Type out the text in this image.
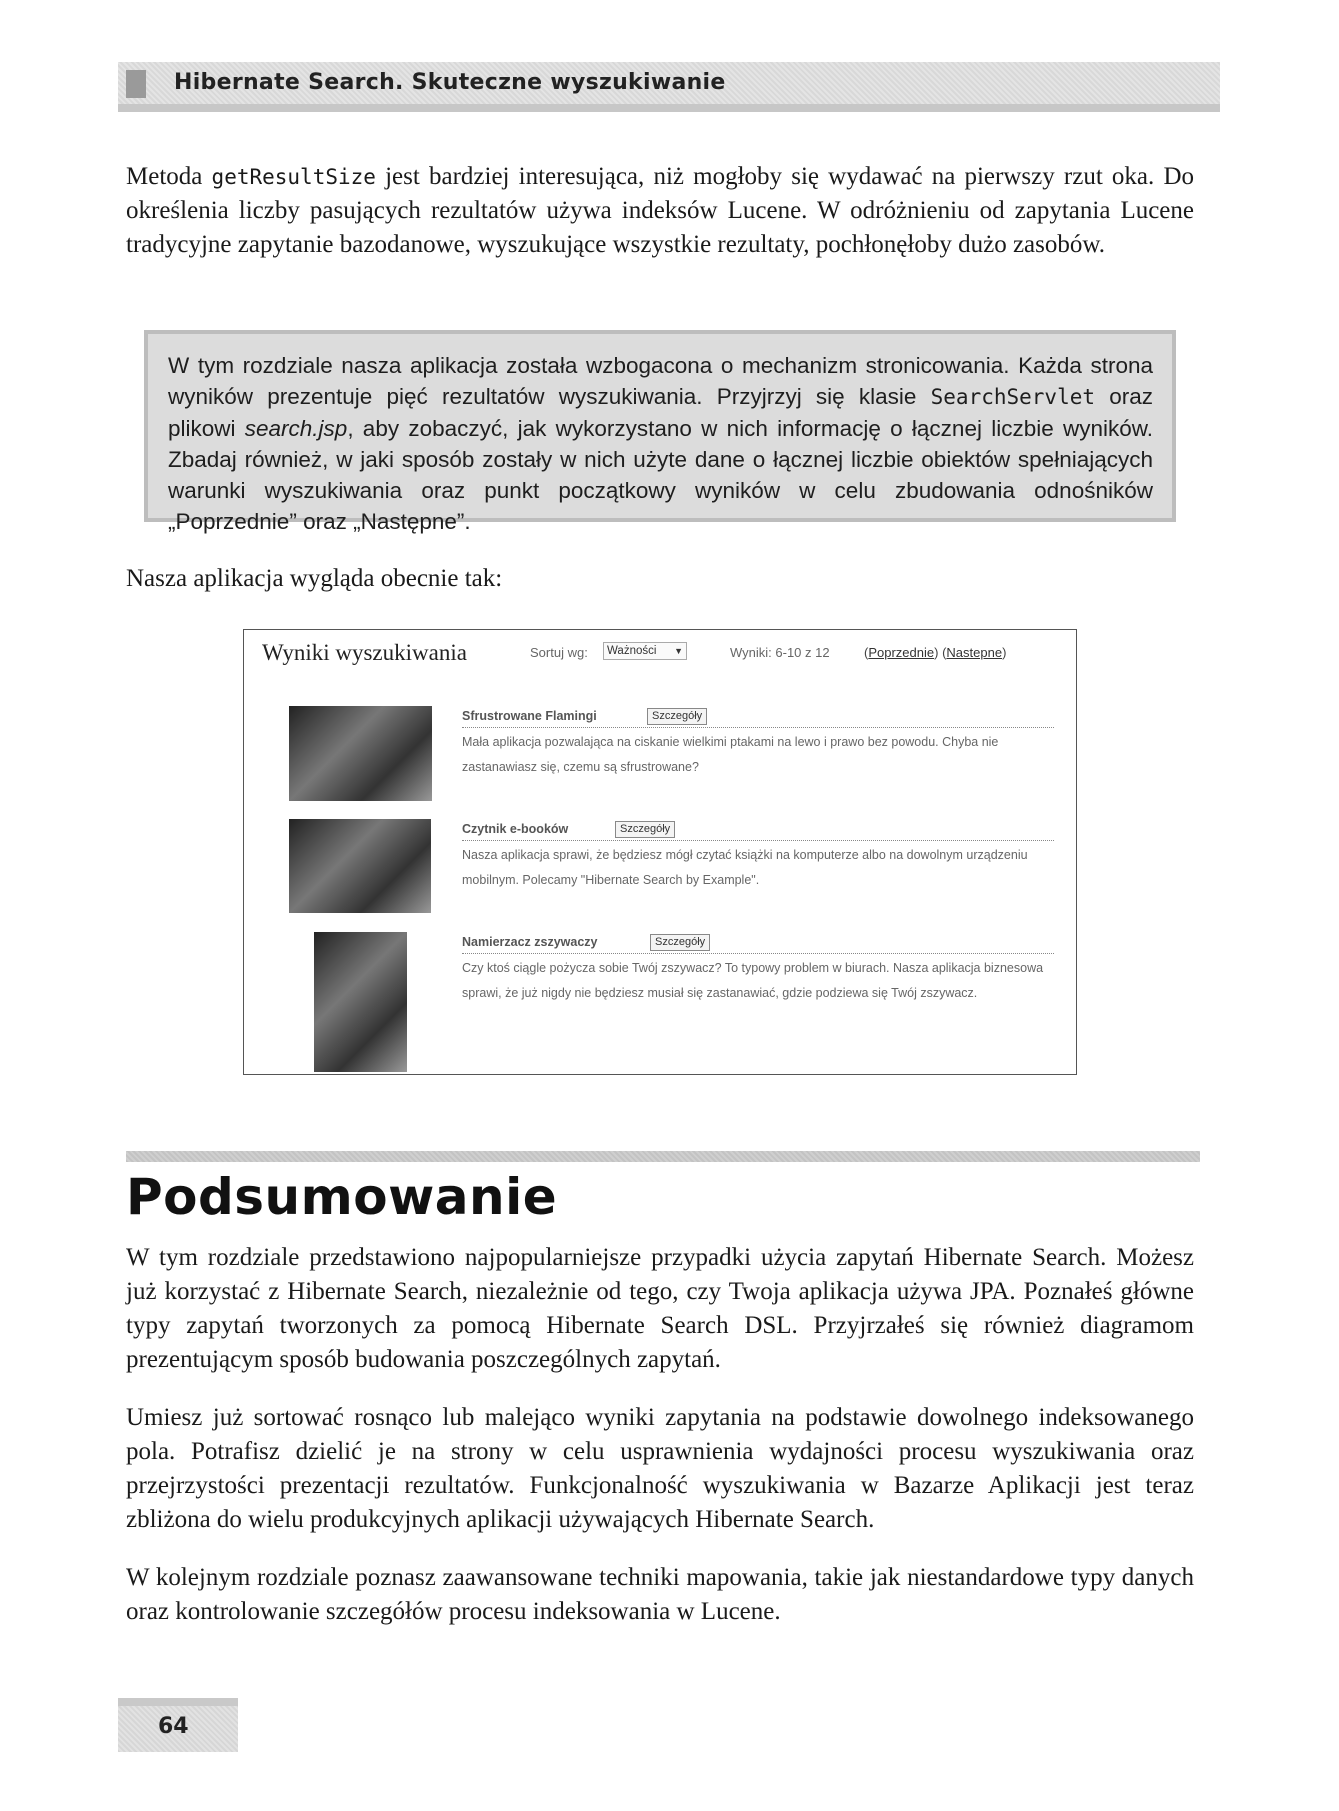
Hibernate Search. Skuteczne wyszukiwanie

Metoda getResultSize jest bardziej interesująca, niż mogłoby się wydawać na pierwszy rzut oka. Do określenia liczby pasujących rezultatów używa indeksów Lucene. W odróżnieniu od zapytania Lucene tradycyjne zapytanie bazodanowe, wyszukujące wszystkie rezultaty, pochłonęłoby dużo zasobów.

W tym rozdziale nasza aplikacja została wzbogacona o mechanizm stronicowania. Każda strona wyników prezentuje pięć rezultatów wyszukiwania. Przyjrzyj się klasie SearchServlet oraz plikowi search.jsp, aby zobaczyć, jak wykorzystano w nich informację o łącznej liczbie wyników. Zbadaj również, w jaki sposób zostały w nich użyte dane o łącznej liczbie obiektów spełniających warunki wyszukiwania oraz punkt początkowy wyników w celu zbudowania odnośników „Poprzednie” oraz „Następne”.

Nasza aplikacja wygląda obecnie tak:

Wyniki wyszukiwania	Sortuj wg:	Ważności ▼	Wyniki: 6-10 z 12	(Poprzednie) (Nastepne)
Sfrustrowane Flamingi	Szczegóły

Mała aplikacja pozwalająca na ciskanie wielkimi ptakami na lewo i prawo bez powodu. Chyba nie zastanawiasz się, czemu są sfrustrowane?

Czytnik e-booków	Szczegóły

Nasza aplikacja sprawi, że będziesz mógł czytać książki na komputerze albo na dowolnym urządzeniu mobilnym. Polecamy "Hibernate Search by Example".

Namierzacz zszywaczy	Szczegóły

Czy ktoś ciągle pożycza sobie Twój zszywacz? To typowy problem w biurach. Nasza aplikacja biznesowa sprawi, że już nigdy nie będziesz musiał się zastanawiać, gdzie podziewa się Twój zszywacz.

Podsumowanie

W tym rozdziale przedstawiono najpopularniejsze przypadki użycia zapytań Hibernate Search. Możesz już korzystać z Hibernate Search, niezależnie od tego, czy Twoja aplikacja używa JPA. Poznałeś główne typy zapytań tworzonych za pomocą Hibernate Search DSL. Przyjrzałeś się również diagramom prezentującym sposób budowania poszczególnych zapytań.

Umiesz już sortować rosnąco lub malejąco wyniki zapytania na podstawie dowolnego indeksowanego pola. Potrafisz dzielić je na strony w celu usprawnienia wydajności procesu wyszukiwania oraz przejrzystości prezentacji rezultatów. Funkcjonalność wyszukiwania w Bazarze Aplikacji jest teraz zbliżona do wielu produkcyjnych aplikacji używających Hibernate Search.

W kolejnym rozdziale poznasz zaawansowane techniki mapowania, takie jak niestandardowe typy danych oraz kontrolowanie szczegółów procesu indeksowania w Lucene.

64
